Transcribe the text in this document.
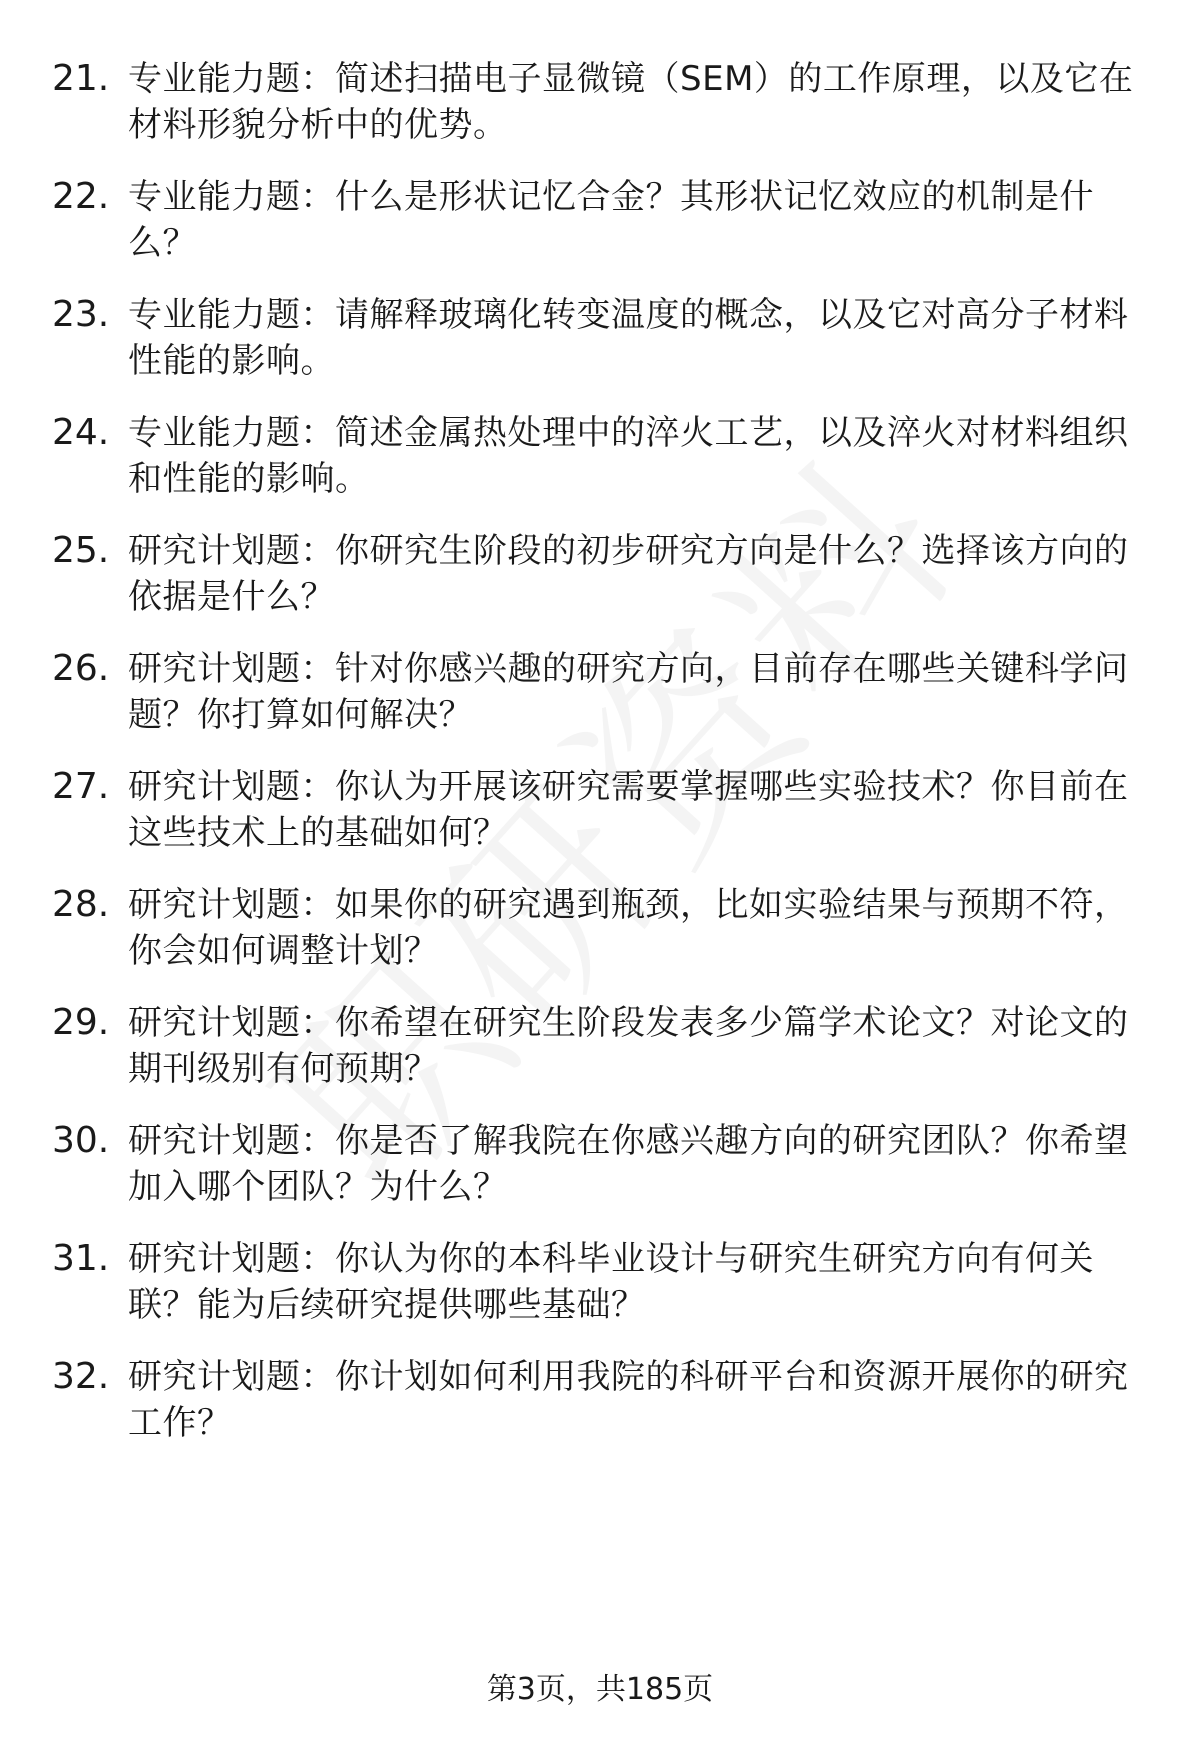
21. 专业能力题：简述扫描电子显微镜（SEM）的工作原理，以及它在材料形貌分析中的优势。
22. 专业能力题：什么是形状记忆合金？其形状记忆效应的机制是什么？
23. 专业能力题：请解释玻璃化转变温度的概念，以及它对高分子材料性能的影响。
24. 专业能力题：简述金属热处理中的淬火工艺，以及淬火对材料组织和性能的影响。
25. 研究计划题：你研究生阶段的初步研究方向是什么？选择该方向的依据是什么？
26. 研究计划题：针对你感兴趣的研究方向，目前存在哪些关键科学问题？你打算如何解决？
27. 研究计划题：你认为开展该研究需要掌握哪些实验技术？你目前在这些技术上的基础如何？
28. 研究计划题：如果你的研究遇到瓶颈，比如实验结果与预期不符，你会如何调整计划？
29. 研究计划题：你希望在研究生阶段发表多少篇学术论文？对论文的期刊级别有何预期？
30. 研究计划题：你是否了解我院在你感兴趣方向的研究团队？你希望加入哪个团队？为什么？
31. 研究计划题：你认为你的本科毕业设计与研究生研究方向有何关联？能为后续研究提供哪些基础？
32. 研究计划题：你计划如何利用我院的科研平台和资源开展你的研究工作？
第3页，共185页
